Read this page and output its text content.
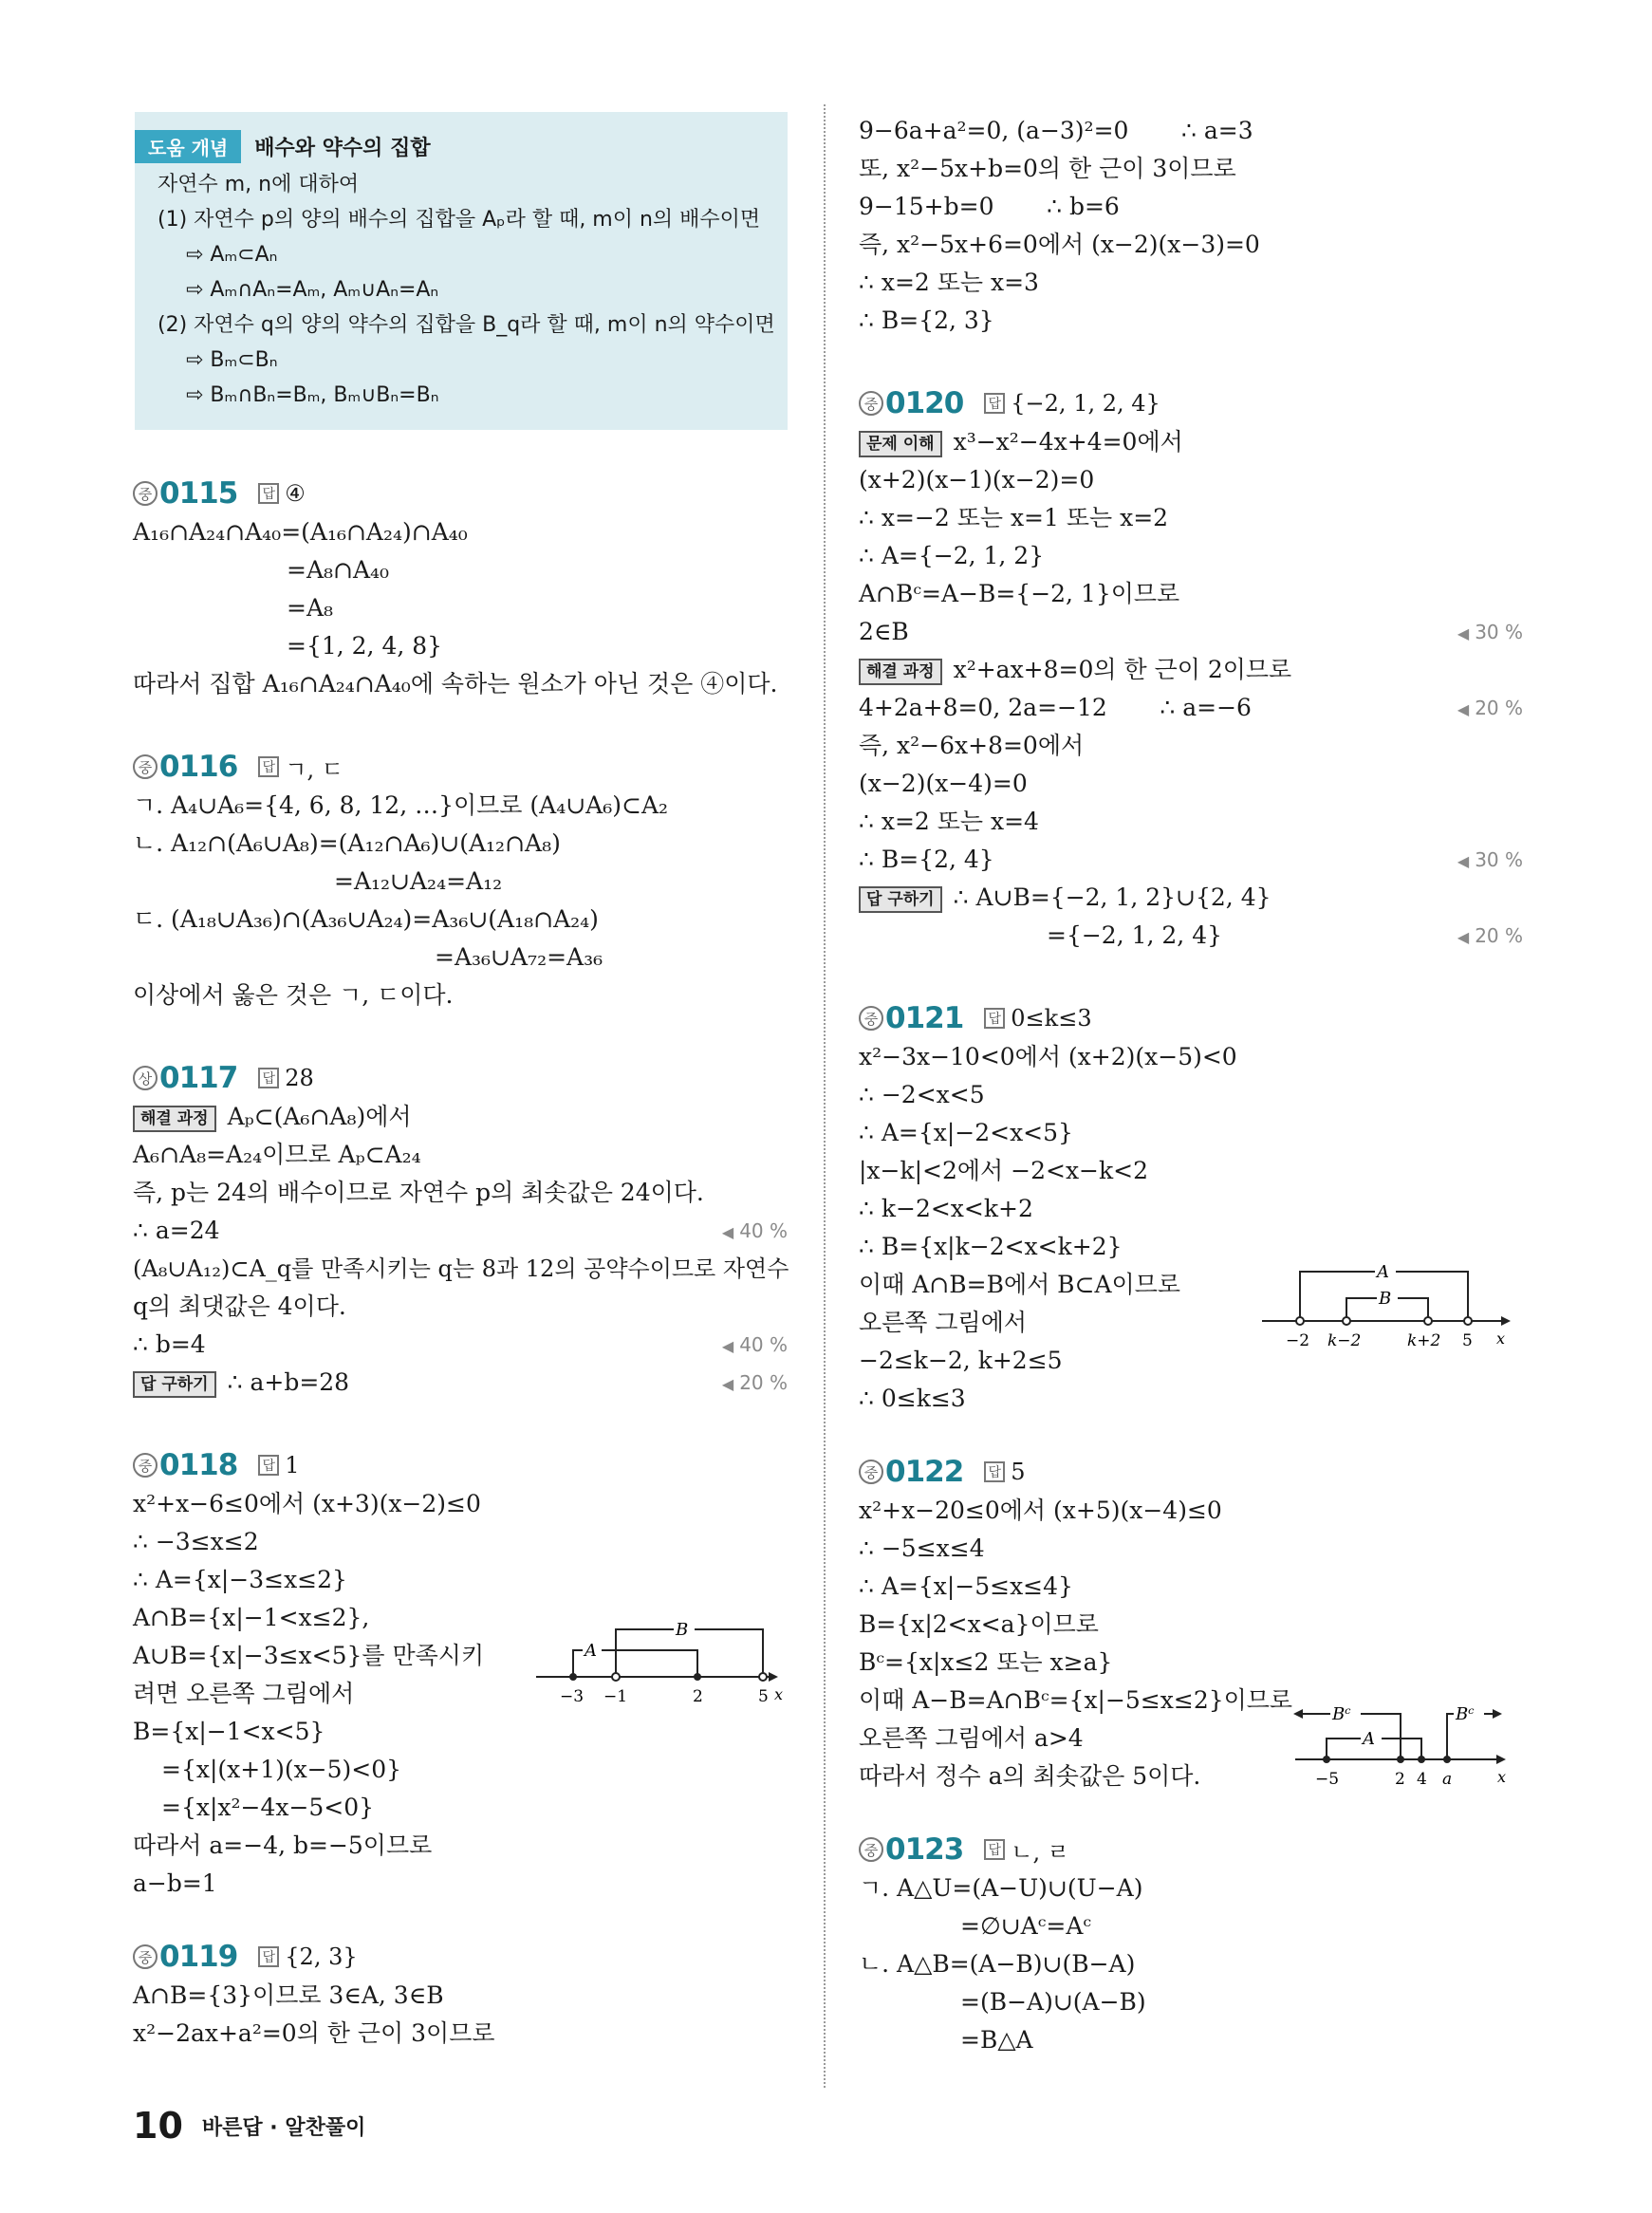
도움 개념	배수와 약수의 집합
자연수 m, n에 대하여
(1) 자연수 p의 양의 배수의 집합을 Aₚ라 할 때, m이 n의 배수이면
⇨ Aₘ⊂Aₙ
⇨ Aₘ∩Aₙ=Aₘ, Aₘ∪Aₙ=Aₙ
(2) 자연수 q의 양의 약수의 집합을 B_q라 할 때, m이 n의 약수이면
⇨ Bₘ⊂Bₙ
⇨ Bₘ∩Bₙ=Bₘ, Bₘ∪Bₙ=Bₙ
중 0115	답 ④
A₁₆∩A₂₄∩A₄₀=(A₁₆∩A₂₄)∩A₄₀
=A₈∩A₄₀
=A₈
={1, 2, 4, 8}
따라서 집합 A₁₆∩A₂₄∩A₄₀에 속하는 원소가 아닌 것은 ④이다.
중 0116	답 ㄱ, ㄷ
ㄱ. A₄∪A₆={4, 6, 8, 12, …}이므로 (A₄∪A₆)⊂A₂
ㄴ. A₁₂∩(A₆∪A₈)=(A₁₂∩A₆)∪(A₁₂∩A₈)
=A₁₂∪A₂₄=A₁₂
ㄷ. (A₁₈∪A₃₆)∩(A₃₆∪A₂₄)=A₃₆∪(A₁₈∩A₂₄)
=A₃₆∪A₇₂=A₃₆
이상에서 옳은 것은 ㄱ, ㄷ이다.
상 0117	답 28
해결 과정 Aₚ⊂(A₆∩A₈)에서
A₆∩A₈=A₂₄이므로 Aₚ⊂A₂₄
즉, p는 24의 배수이므로 자연수 p의 최솟값은 24이다.
∴ a=24	◀ 40 %
(A₈∪A₁₂)⊂A_q를 만족시키는 q는 8과 12의 공약수이므로 자연수
q의 최댓값은 4이다.
∴ b=4	◀ 40 %
답 구하기 ∴ a+b=28	◀ 20 %
중 0118	답 1
x²+x−6≤0에서 (x+3)(x−2)≤0
∴ −3≤x≤2
∴ A={x|−3≤x≤2}
A∩B={x|−1<x≤2},
A∪B={x|−3≤x<5}를 만족시키
려면 오른쪽 그림에서
B={x|−1<x<5}
={x|(x+1)(x−5)<0}
={x|x²−4x−5<0}
따라서 a=−4, b=−5이므로
a−b=1
A
B
−3 −1	2	5 x
중 0119	답 {2, 3}
A∩B={3}이므로 3∈A, 3∈B
x²−2ax+a²=0의 한 근이 3이므로
9−6a+a²=0, (a−3)²=0       ∴ a=3
또, x²−5x+b=0의 한 근이 3이므로
9−15+b=0       ∴ b=6
즉, x²−5x+6=0에서 (x−2)(x−3)=0
∴ x=2 또는 x=3
∴ B={2, 3}
중 0120	답 {−2, 1, 2, 4}
문제 이해 x³−x²−4x+4=0에서
(x+2)(x−1)(x−2)=0
∴ x=−2 또는 x=1 또는 x=2
∴ A={−2, 1, 2}
A∩Bᶜ=A−B={−2, 1}이므로
2∈B	◀ 30 %
해결 과정 x²+ax+8=0의 한 근이 2이므로
4+2a+8=0, 2a=−12       ∴ a=−6	◀ 20 %
즉, x²−6x+8=0에서
(x−2)(x−4)=0
∴ x=2 또는 x=4
∴ B={2, 4}	◀ 30 %
답 구하기 ∴ A∪B={−2, 1, 2}∪{2, 4}
={−2, 1, 2, 4}	◀ 20 %
중 0121	답 0≤k≤3
x²−3x−10<0에서 (x+2)(x−5)<0
∴ −2<x<5
∴ A={x|−2<x<5}
|x−k|<2에서 −2<x−k<2
∴ k−2<x<k+2
∴ B={x|k−2<x<k+2}
이때 A∩B=B에서 B⊂A이므로
오른쪽 그림에서
−2≤k−2, k+2≤5
∴ 0≤k≤3
A
B
−2 k−2	k+2 5 x
중 0122	답 5
x²+x−20≤0에서 (x+5)(x−4)≤0
∴ −5≤x≤4
∴ A={x|−5≤x≤4}
B={x|2<x<a}이므로
Bᶜ={x|x≤2 또는 x≥a}
이때 A−B=A∩Bᶜ={x|−5≤x≤2}이므로
오른쪽 그림에서 a>4
따라서 정수 a의 최솟값은 5이다.
Bᶜ	Bᶜ
A
−5	2 4 a	x
중 0123	답 ㄴ, ㄹ
ㄱ. A△U=(A−U)∪(U−A)
=∅∪Aᶜ=Aᶜ
ㄴ. A△B=(A−B)∪(B−A)
=(B−A)∪(A−B)
=B△A
10 바른답 · 알찬풀이
